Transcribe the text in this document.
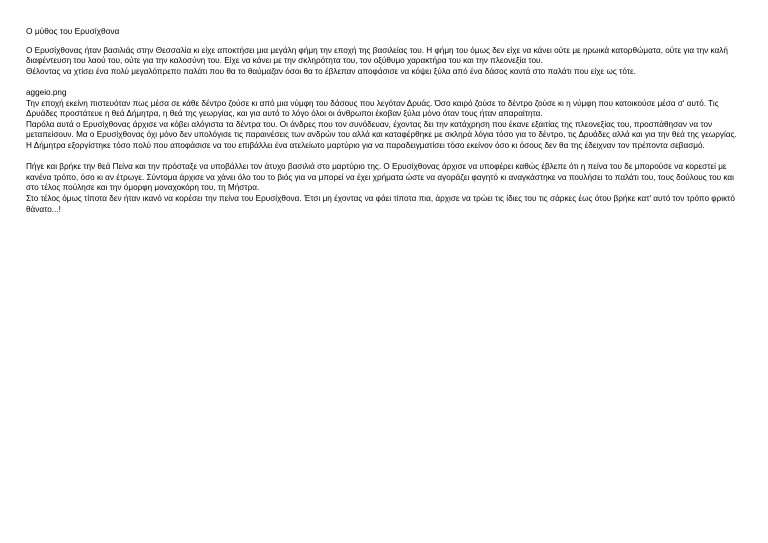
Ο μύθος του Ερυσίχθονα

Ο Ερυσίχθονας ήταν βασιλιάς στην Θεσσαλία κι είχε αποκτήσει μια μεγάλη φήμη την εποχή της βασιλείας του. Η φήμη του όμως δεν είχε να κάνει ούτε με ηρωικά κατορθώματα, ούτε για την καλή διαφέντευση του λαού του, ούτε για την καλοσύνη του. Είχε να κάνει με την σκληρότητα του, τον οξύθυμο χαρακτήρα του και την πλεονεξία του.

Θέλοντας να χτίσει ένα πολύ μεγαλόπρεπο παλάτι που θα το θαύμαζαν όσοι θα το έβλεπαν αποφάσισε να κόψει ξύλα από ένα δάσος κοντά στο παλάτι που είχε ως τότε.

aggeio.png

Την εποχή εκείνη πιστευόταν πως μέσα σε κάθε δέντρο ζούσε κι από μια νύμφη του δάσους που λεγόταν Δρυάς. Όσο καιρό ζούσε το δέντρο ζούσε κι η νύμφη που κατοικούσε μέσα σ' αυτό. Τις Δρυάδες προστάτευε η θεά Δήμητρα, η θεά της γεωργίας, και για αυτό το λόγο όλοι οι άνθρωποι έκοβαν ξύλα μόνο όταν τους ήταν απαραίτητα.

Παρόλα αυτά ο Ερυσίχθονας άρχισε να κόβει αλόγιστα τα δέντρα του. Οι άνδρες που τον συνόδευαν, έχοντας δει την κατάχρηση που έκανε εξαιτίας της πλεονεξίας του, προσπάθησαν να τον μεταπείσουν. Μα ο Ερυσίχθονας όχι μόνο δεν υπολόγισε τις παραινέσεις των ανδρών του αλλά και καταφέρθηκε με σκληρά λόγια τόσο για το δέντρο, τις Δρυάδες αλλά και για την θεά της γεωργίας.

Η Δήμητρα εξοργίστηκε τόσο πολύ που αποφάσισε να του επιβάλλει ένα ατελείωτο μαρτύριο για να παραδειγματίσει τόσο εκείνον όσο κι όσους δεν θα της έδειχναν τον πρέποντα σεβασμό.

Πήγε και βρήκε την θεά Πείνα και την πρόσταξε να υποβάλλει τον άτυχο βασιλιά στο μαρτύριο της. Ο Ερυσίχθονας άρχισε να υποφέρει καθώς έβλεπε ότι η πείνα του δε μπορούσε να κορεστεί με κανένα τρόπο, όσο κι αν έτρωγε. Σύντομα άρχισε να χάνει όλο του το βιός για να μπορεί να έχει χρήματα ώστε να αγοράζει φαγητό κι αναγκάστηκε να πουλήσει το παλάτι του, τους δούλους του και στο τέλος πούλησε και την όμορφη μοναχοκόρη του, τη Μήστρα.

Στο τέλος όμως τίποτα δεν ήταν ικανό να κορέσει την πείνα του Ερυσίχθονα. Έτσι μη έχοντας να φάει τίποτα πια, άρχισε να τρώει τις ίδιες του τις σάρκες έως ότου βρήκε κατ' αυτό τον τρόπο φρικτό θάνατο...!
